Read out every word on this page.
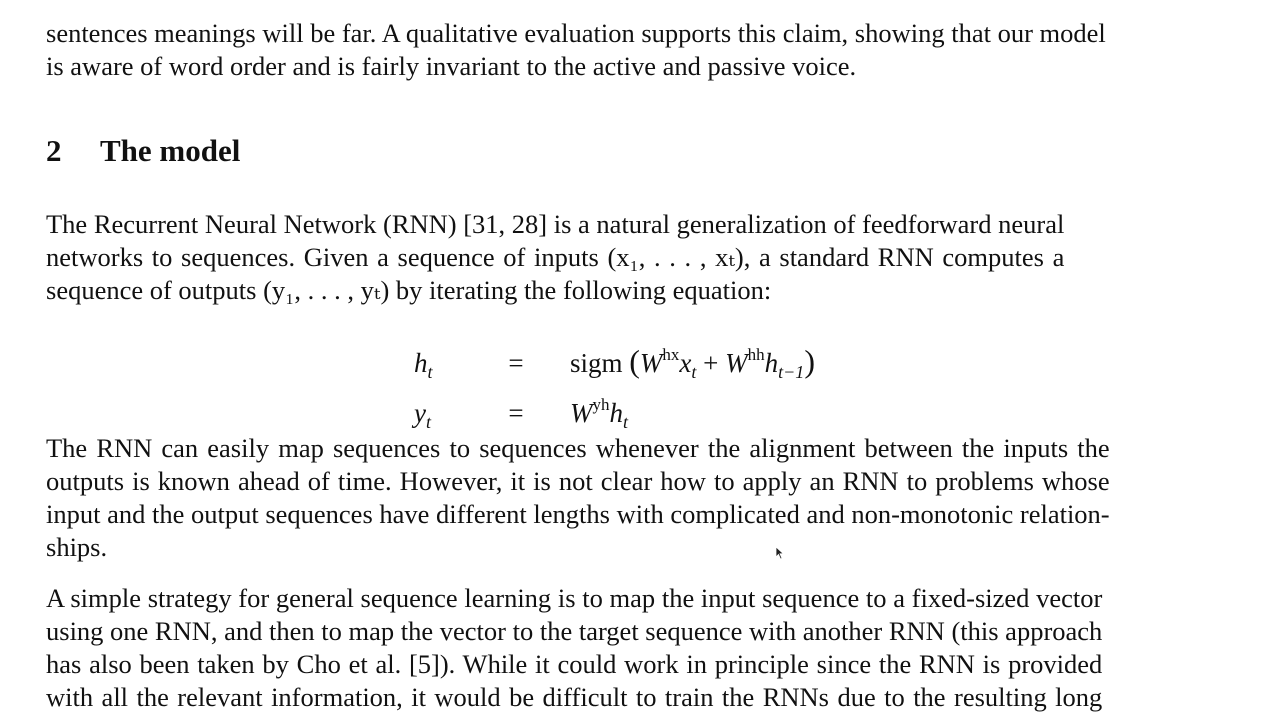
sentences meanings will be far. A qualitative evaluation supports this claim, showing that our model
is aware of word order and is fairly invariant to the active and passive voice.

2 The model

The Recurrent Neural Network (RNN) [31, 28] is a natural generalization of feedforward neural
networks to sequences. Given a sequence of inputs (x₁, . . . , xₜ), a standard RNN computes a
sequence of outputs (y₁, . . . , yₜ) by iterating the following equation:

$h_t$	=	sigm $(W^{hx}x_t + W^{hh}h_{t-1})$
$y_t$	=	$W^{yh}h_t$

The RNN can easily map sequences to sequences whenever the alignment between the inputs the
outputs is known ahead of time. However, it is not clear how to apply an RNN to problems whose
input and the output sequences have different lengths with complicated and non-monotonic relation-
ships.

A simple strategy for general sequence learning is to map the input sequence to a fixed-sized vector
using one RNN, and then to map the vector to the target sequence with another RNN (this approach
has also been taken by Cho et al. [5]). While it could work in principle since the RNN is provided
with all the relevant information, it would be difficult to train the RNNs due to the resulting long
